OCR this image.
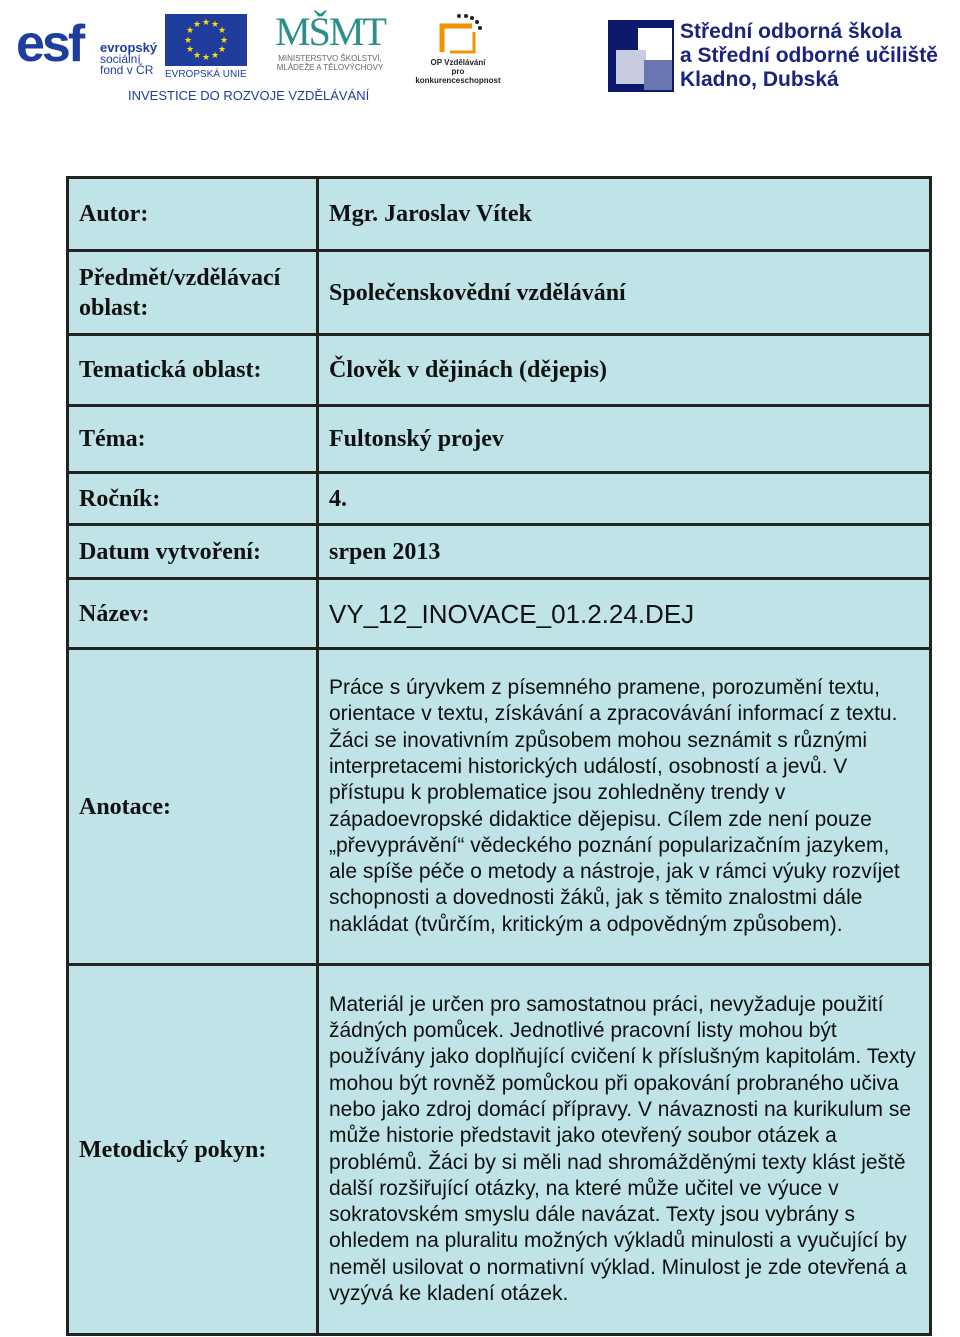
esf evropský
sociální
fond v ČR
★ ★
★
★
★
★
★
★
★
★
★
★
EVROPSKÁ UNIE
MŠMT
MINISTERSTVO ŠKOLSTVÍ,
MLÁDEŽE A TĚLOVÝCHOVY
OP Vzdělávání
pro konkurenceschopnost
INVESTICE DO ROZVOJE VZDĚLÁVÁNÍ
Střední odborná škola
a Střední odborné učiliště
Kladno, Dubská
Autor:	Mgr. Jaroslav Vítek
Předmět/vzdělávací oblast:	Společenskovědní vzdělávání
Tematická oblast:	Člověk v dějinách (dějepis)
Téma:	Fultonský projev
Ročník:	4.
Datum vytvoření:	srpen 2013
Název:	VY_12_INOVACE_01.2.24.DEJ
Anotace:	Práce s úryvkem z písemného pramene, porozumění textu, orientace v textu, získávání a zpracovávání informací z textu. Žáci se inovativním způsobem mohou seznámit s různými interpretacemi historických událostí, osobností a jevů. V přístupu k problematice jsou zohledněny trendy v západoevropské didaktice dějepisu. Cílem zde není pouze „převyprávění“ vědeckého poznání popularizačním jazykem, ale spíše péče o metody a nástroje, jak v rámci výuky rozvíjet schopnosti a dovednosti žáků, jak s těmito znalostmi dále nakládat (tvůrčím, kritickým a odpovědným způsobem).
Metodický pokyn:	Materiál je určen pro samostatnou práci, nevyžaduje použití žádných pomůcek. Jednotlivé pracovní listy mohou být používány jako doplňující cvičení k příslušným kapitolám. Texty mohou být rovněž pomůckou při opakování probraného učiva nebo jako zdroj domácí přípravy. V návaznosti na kurikulum se může historie představit jako otevřený soubor otázek a problémů. Žáci by si měli nad shromážděnými texty klást ještě další rozšiřující otázky, na které může učitel ve výuce v sokratovském smyslu dále navázat. Texty jsou vybrány s ohledem na pluralitu možných výkladů minulosti a vyučující by neměl usilovat o normativní výklad. Minulost je zde otevřená a vyzývá ke kladení otázek.
